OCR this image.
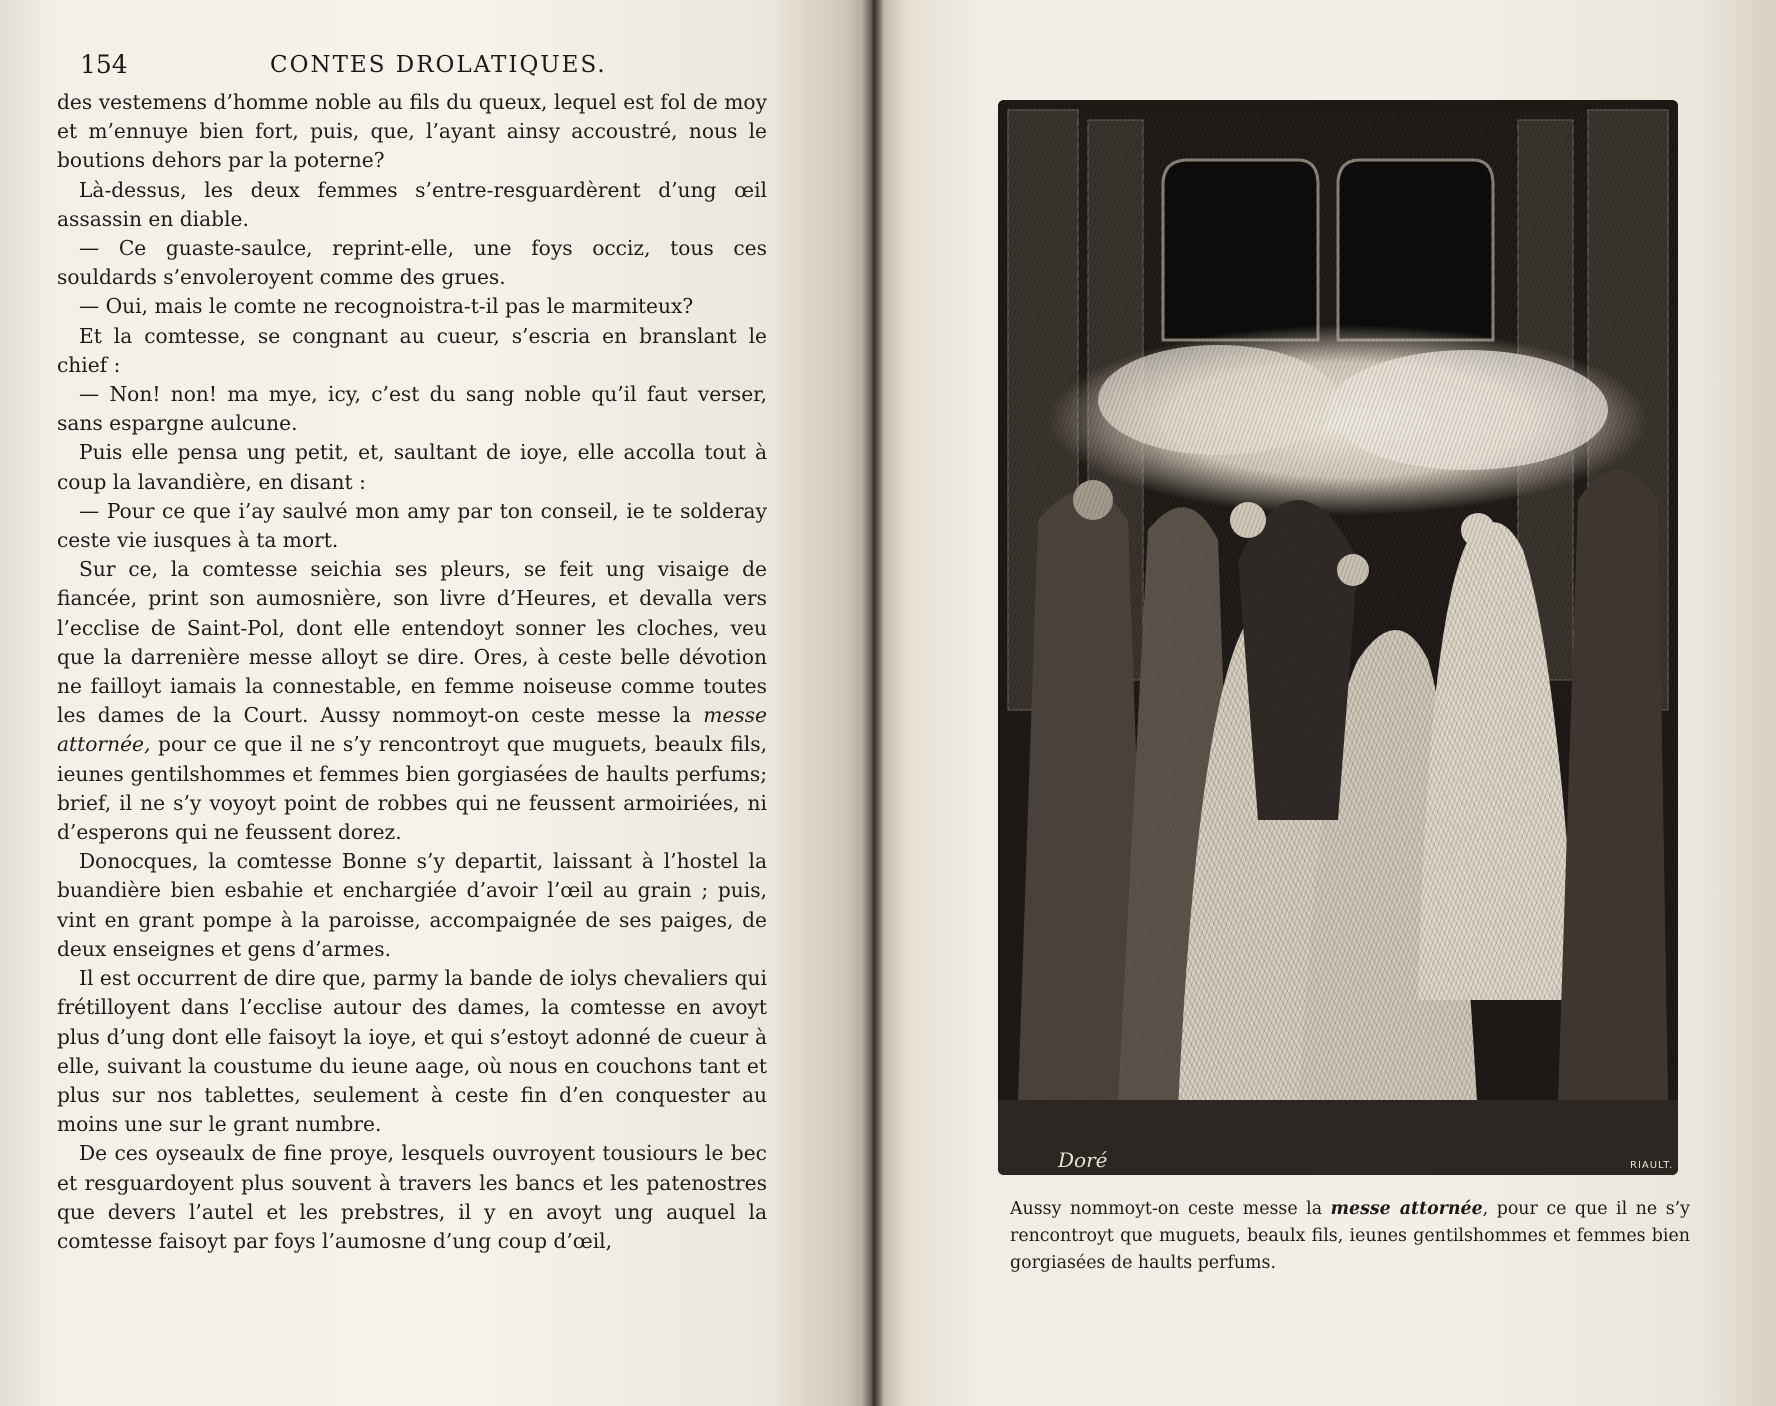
154	CONTES DROLATIQUES.

des vestemens d’homme noble au fils du queux, lequel est fol de moy et m’ennuye bien fort, puis, que, l’ayant ainsy accoustré, nous le boutions dehors par la poterne?

Là-dessus, les deux femmes s’entre-resguardèrent d’ung œil assassin en diable.

— Ce guaste-saulce, reprint-elle, une foys occiz, tous ces souldards s’envoleroyent comme des grues.

— Oui, mais le comte ne recognoistra-t-il pas le marmiteux?

Et la comtesse, se congnant au cueur, s’escria en branslant le chief :

— Non! non! ma mye, icy, c’est du sang noble qu’il faut verser, sans espargne aulcune.

Puis elle pensa ung petit, et, saultant de ioye, elle accolla tout à coup la lavandière, en disant :

— Pour ce que i’ay saulvé mon amy par ton conseil, ie te solderay ceste vie iusques à ta mort.

Sur ce, la comtesse seichia ses pleurs, se feit ung visaige de fiancée, print son aumosnière, son livre d’Heures, et devalla vers l’ecclise de Saint-Pol, dont elle entendoyt sonner les cloches, veu que la darrenière messe alloyt se dire. Ores, à ceste belle dévotion ne failloyt iamais la connestable, en femme noiseuse comme toutes les dames de la Court. Aussy nommoyt-on ceste messe la messe attornée, pour ce que il ne s’y rencontroyt que muguets, beaulx fils, ieunes gentilshommes et femmes bien gorgiasées de haults perfums; brief, il ne s’y voyoyt point de robbes qui ne feussent armoiriées, ni d’esperons qui ne feussent dorez.

Donocques, la comtesse Bonne s’y departit, laissant à l’hostel la buandière bien esbahie et enchargiée d’avoir l’œil au grain ; puis, vint en grant pompe à la paroisse, accompaignée de ses paiges, de deux enseignes et gens d’armes.

Il est occurrent de dire que, parmy la bande de iolys chevaliers qui frétilloyent dans l’ecclise autour des dames, la comtesse en avoyt plus d’ung dont elle faisoyt la ioye, et qui s’estoyt adonné de cueur à elle, suivant la coustume du ieune aage, où nous en couchons tant et plus sur nos tablettes, seulement à ceste fin d’en conquester au moins une sur le grant numbre.

De ces oyseaulx de fine proye, lesquels ouvroyent tousiours le bec et resguardoyent plus souvent à travers les bancs et les patenostres que devers l’autel et les prebstres, il y en avoyt ung auquel la comtesse faisoyt par foys l’aumosne d’ung coup d’œil,

Doré	RIAULT.
Aussy nommoyt-on ceste messe la messe attornée, pour ce que il ne s’y rencontroyt que muguets, beaulx fils, ieunes gentilshommes et femmes bien gorgiasées de haults perfums.
